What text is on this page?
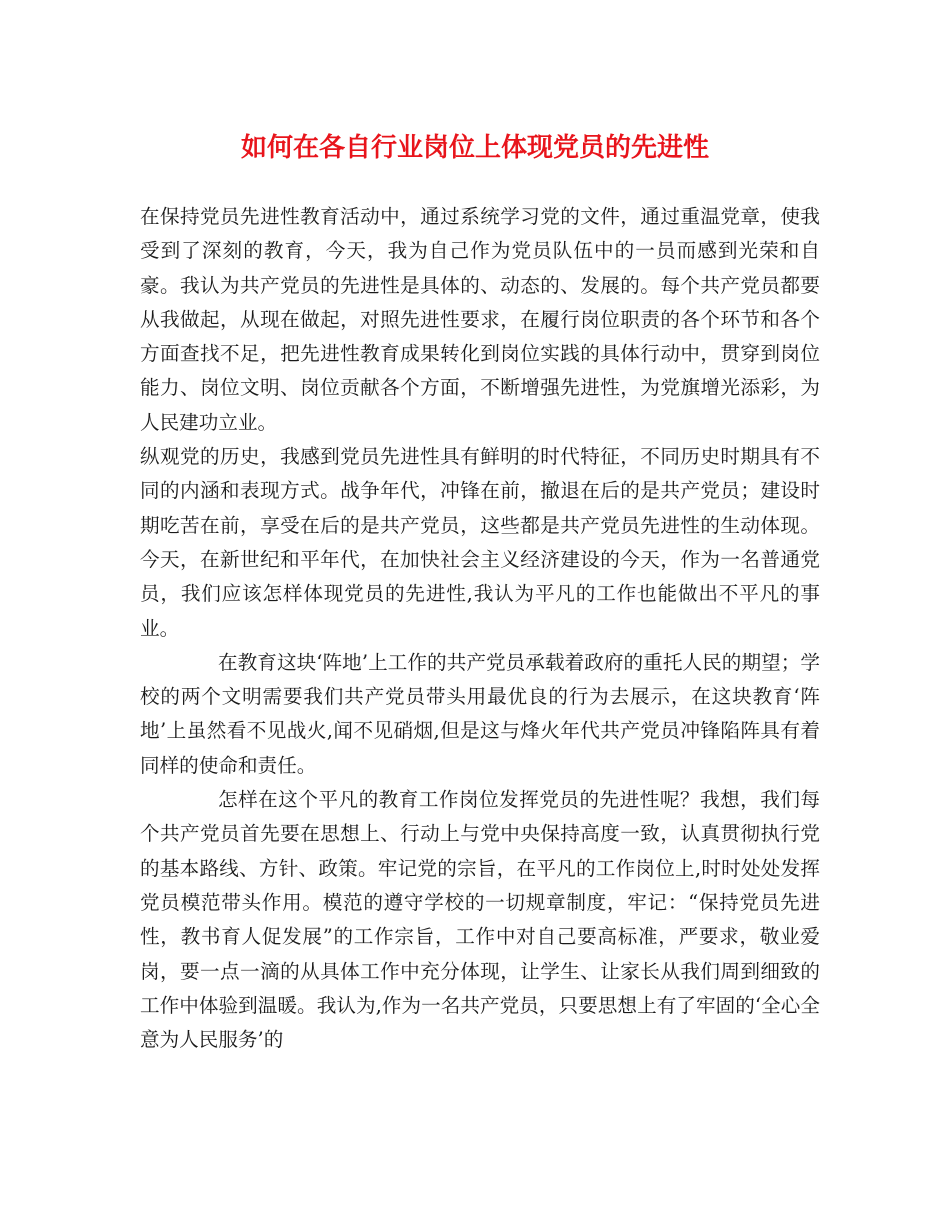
如何在各自行业岗位上体现党员的先进性

在保持党员先进性教育活动中，通过系统学习党的文件，通过重温党章，使我受到了深刻的教育，今天，我为自己作为党员队伍中的一员而感到光荣和自豪。我认为共产党员的先进性是具体的、动态的、发展的。每个共产党员都要从我做起，从现在做起，对照先进性要求，在履行岗位职责的各个环节和各个方面查找不足，把先进性教育成果转化到岗位实践的具体行动中，贯穿到岗位能力、岗位文明、岗位贡献各个方面，不断增强先进性，为党旗增光添彩，为人民建功立业。

纵观党的历史，我感到党员先进性具有鲜明的时代特征，不同历史时期具有不同的内涵和表现方式。战争年代，冲锋在前，撤退在后的是共产党员；建设时期吃苦在前，享受在后的是共产党员，这些都是共产党员先进性的生动体现。今天，在新世纪和平年代，在加快社会主义经济建设的今天，作为一名普通党员，我们应该怎样体现党员的先进性,我认为平凡的工作也能做出不平凡的事业。

在教育这块‘阵地’上工作的共产党员承载着政府的重托人民的期望；学校的两个文明需要我们共产党员带头用最优良的行为去展示，在这块教育‘阵地’上虽然看不见战火,闻不见硝烟,但是这与烽火年代共产党员冲锋陷阵具有着同样的使命和责任。

怎样在这个平凡的教育工作岗位发挥党员的先进性呢？我想，我们每个共产党员首先要在思想上、行动上与党中央保持高度一致，认真贯彻执行党的基本路线、方针、政策。牢记党的宗旨，在平凡的工作岗位上,时时处处发挥党员模范带头作用。模范的遵守学校的一切规章制度，牢记：“保持党员先进性，教书育人促发展”的工作宗旨，工作中对自己要高标准，严要求，敬业爱岗，要一点一滴的从具体工作中充分体现，让学生、让家长从我们周到细致的工作中体验到温暖。我认为,作为一名共产党员，只要思想上有了牢固的‘全心全意为人民服务’的
